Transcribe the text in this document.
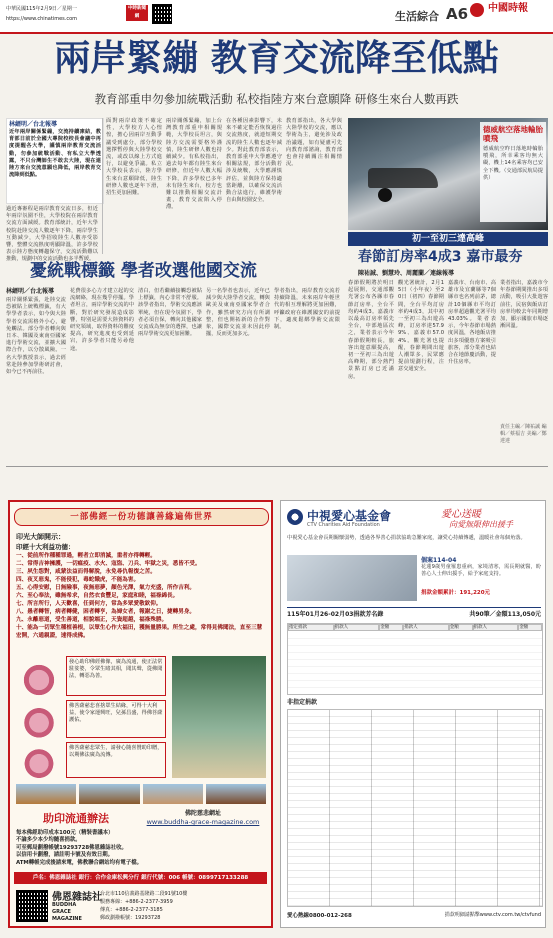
中華民國115年2月9日／星期一
https://www.chinatimes.com
中時新聞網	生活綜合 A6 中國時報
兩岸緊繃 教育交流降至低點
教育部重申勿參加統戰活動 私校指陸方來台意願降 研修生來台人數再跌
林縉明／台北報導
近年兩岸關係緊繃，交流持續凍結，教育部日前於全國大專院校校長會議中再度提醒各大學，謹慎兩岸教育交流活動，勿參加統戰活動、有私立大學透露，不只台灣師生不敢去大陸，現在連陸方來台交流意願也降低，兩岸教育交流降到低點。
過近專審程是兩岸教育交流日多，但近年兩岸氛圍不佳，大學校院在兩岸教育交流方面減緩。教育部統計，近年大學校院赴陸交流人數逐年下降，兩岸學生互動減少，大學招收陸生人數亦受影響，整體交流熱度明顯降溫，許多學校表示陸方態度轉趨保守，交流活動難以推動，規劃中的交流活動也多半暫緩。
面對兩岸政策不確定性，大學校方人心惶惶，擔心因兩岸互動爭議受到處分，部分學校選擇暫停與大陸學校交流，或改以線上方式進行，以避免爭議。私立大學校長表示，陸方學生來台意願降低，陸生研修人數也逐年下滑，招生更加困難。
兩岸關係緊繃，加上台灣教育部重申相關規範，大學校長坦言，與陸方交流需要格外謹慎，陸生研修人數也持續減少。有私校指出，過去每年都有陸生來台研修，但近年人數大幅下降，許多學校已多年未有陸生來台，校方也難以推動相關交流計畫，教育交流陷入停滯。
在各種因素影響下，未來不確定能否恢復過往交流熱度，就連短期交流的陸生人數也逐年減少。對此教育部表示，教育部重申大學應遵守相關法規，部分活動若涉及統戰，大學應謹慎評估，並與陸方保持適當距離，以確保交流活動合法進行，維護學術自由與校園安全。
教育部指出，各大學與大陸學校的交流，應以學術為主，避免涉及政治議題，如有疑慮可先向教育部諮詢，教育部也會持續關注相關情況。
德威航空落地輪胎噴飛
德威航空昨日落地時輪胎噴飛，所幸乘客均無大礙，機上14名乘客均已安全下機。（交通部民航局提供）
初一至初三達高峰
春節訂房率4成3 嘉市最夯
陳祐誠、劉慧玲、周麗蘭／連線報導
春節假期將於明日起展開，交通部觀光署公布各縣市春節訂房率，全台平均約4成3。嘉義市以最高訂房率領先全台，中部地區次之，業者表示今年春節假期較長，旅客出遊意願提高，初一至初三為出遊高峰期，部分熱門景點訂房已近滿房。
觀光署統計，2月15日（小年夜）至20日（初四）春節期間，全台平均訂房率約4成3，其中初一至初三為出遊高峰，訂房率達57.99%、嘉義市57.04%。觀光署也提醒，春節期間出遊人潮眾多，民眾應提前規劃行程，注意交通安全。
嘉義市、台南市、高雄市及宜蘭縣等7個縣市也名列前茅，總計10個縣市平均訂房率超過觀光署平均43.03%。業者表示，今年春節市場熱度回溫，各地飯店推出多項優惠方案吸引旅客，部分業者也結合在地節慶活動，提升住房率。
業者指出，嘉義市今年春節期間推出多項活動，吸引大批遊客前往，民宿與飯店訂房率均較去年同期增加，顯示國旅市場逐漸回溫。
責任主編／陳祐誠 編輯／蔡福吉 美編／鄭達達
憂統戰標籤 學者改選他國交流
林縉明／台北報導
兩岸關係緊張，赴陸交流恐被貼上統戰標籤，有大學學者表示，如今與大陸學者交流需格外小心，避免觸法。部分學者轉向與日本、韓國及東南亞國家進行學術交流，並擴大國際合作，以分散風險。一名大學教授表示，過去經常赴陸參加學術研討會，如今已不再前往。
花費很多心力才建立起的交流網絡，現在幾乎停擺。學者坦言，兩岸學術交流的中斷，對於研究發展造成影響，特別是需要大陸資料的研究領域，取得資料的難度提高，研究進度也受到延宕，許多學者只能另尋他途。
清白，但若繼續接觸恐被貼上標籤，內心非常不舒服。該學者指出，學術交流應該單純，但在現今氛圍下，學者必須自保，轉向其他國家交流成為無奈的選擇，也讓兩岸學術交流更加困難。
另一名學者也表示，近年已減少與大陸學者交流，轉與歐美及東南亞國家學者合作，雖然研究方向有所調整，但也開拓新的合作對象，國際交流並未因此停擺，反而更加多元。
學者指出，兩岸教育交流若持續降溫，未來兩岸年輕世代的相互理解將更加困難，呼籲政府在維護國安的前提下，適度鬆綁學術交流限制。
一部佛經一份功德讓善緣遍佈世界
印光大師開示：
印經十大利益功德：
一、從前所作種種罪過，輕者立即消滅，重者亦得轉輕。
二、常得吉神擁護，一切瘟疫、水火、寇盜、刀兵、牢獄之災，悉皆不受。
三、夙生怨對，咸蒙法益而得解脫，永免尋仇報復之苦。
四、夜叉惡鬼，不能侵犯，毒蛇餓虎，不能為害。
五、心得安慰，日無險事，夜無惡夢，顏色光澤，氣力充盛，所作吉利。
六、至心奉法，雖無希求，自然衣食豐足，家庭和睦，福祿綿長。
七、所言所行，人天歡喜，任到何方，常為多眾愛敬欽仰。
八、愚者轉智，病者轉健，困者轉亨，為婦女者，報謝之日，捷轉男身。
九、永離惡道，受生善道，相貌端正，天資超越，福祿殊勝。
十、能為一切眾生種植善根，以眾生心作大福田，獲無量勝果。所生之處，常得見佛聞法，直至三慧宏開，六通親證，速得成佛。
發心助印佛經佛像，廣為流通，使正法常駐娑婆，令眾生睹其相，聞其聲，從佛聞法，轉惡為善。
佛菩薩慈悲喜捨眾生結緣，可得十大利益，使令家運興旺，兒孫昌盛，得佛菩薩護佑。
佛菩薩慈悲眾生，請發心隨喜贊助印贈，以期佛法廣為流傳。
助印流通辦法	佛陀慈悲網址
www.buddha-grace-magazine.com
每本佛經助印成本100元（精裝書議本）
不論多少本少均隨喜捐款。
可至郵局劃撥帳號19293728佛恩雜誌社收。
以信用卡劃撥，請註明卡號及有效日期。
ATM轉帳完成後請來電，佛教聯合網站均有電子檔。
戶名：佛恩雜誌社 銀行：合作金庫松興分行 銀行代號：006 帳號：0899717133288
佛恩雜誌社
BUDDHA GRACE MAGAZINE
台北市110信義路基隆路二段91號10樓
服務專線：+886-2-2377-3959
傳真：+886-2-2377-3185
郵政劃撥帳號：19293728
中視愛心基金會
CTV Charities Aid Foundation
愛心送暖
向愛無限伸出援手
中視愛心基金會長期關懷弱勢，透過各界善心捐款協助急難家庭，讓愛心持續傳遞，溫暖社會每個角落。
個案114-04
花蓮9歲男童罹患重病，家境清寒，需長期就醫，盼善心人士伸出援手，給予家庭支持。
捐款金額累計：191,220元
115年01月26-02月03捐款芳名錄	共90筆／金額113,050元
指定捐款	捐款人	金額	捐款人	金額	捐款人	金額
非指定捐款
愛心熱線0800-012-268	捐款明細請點擊www.ctv.com.tw/ctvfund
